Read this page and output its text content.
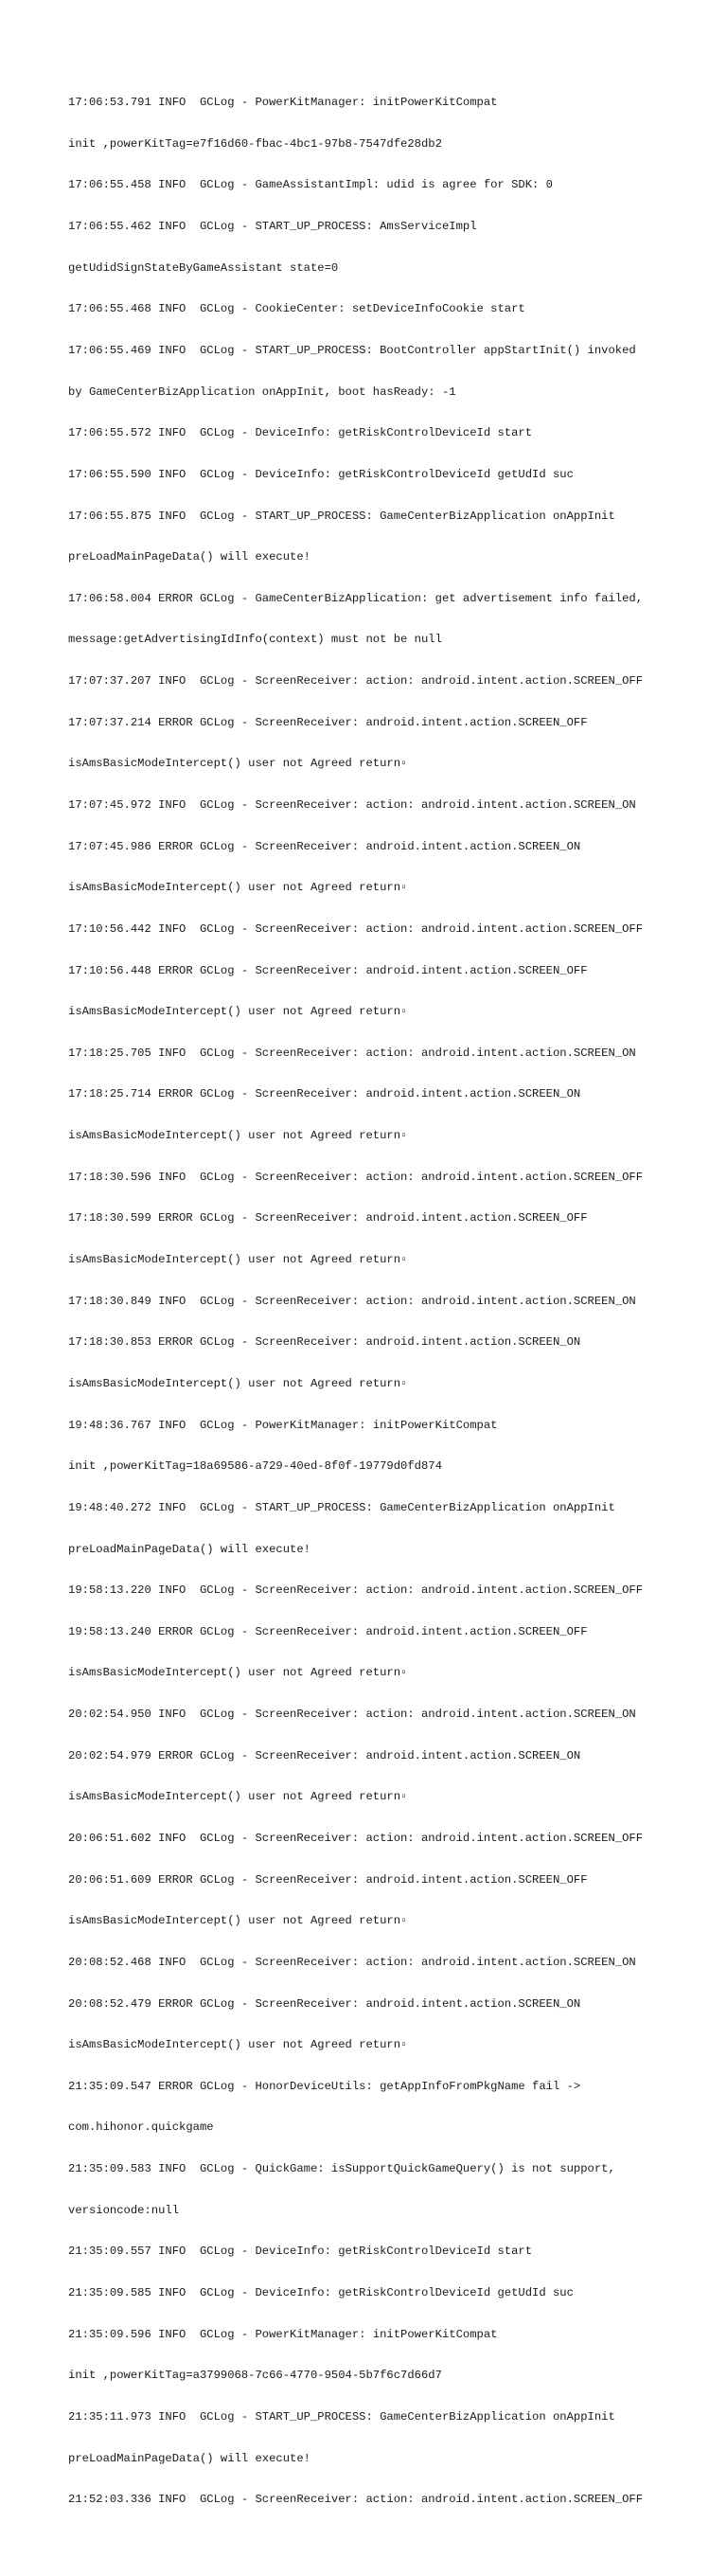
17:06:53.791 INFO  GCLog - PowerKitManager: initPowerKitCompat

init ,powerKitTag=e7f16d60-fbac-4bc1-97b8-7547dfe28db2

17:06:55.458 INFO  GCLog - GameAssistantImpl: udid is agree for SDK: 0

17:06:55.462 INFO  GCLog - START_UP_PROCESS: AmsServiceImpl

getUdidSignStateByGameAssistant state=0

17:06:55.468 INFO  GCLog - CookieCenter: setDeviceInfoCookie start

17:06:55.469 INFO  GCLog - START_UP_PROCESS: BootController appStartInit() invoked

by GameCenterBizApplication onAppInit, boot hasReady: -1

17:06:55.572 INFO  GCLog - DeviceInfo: getRiskControlDeviceId start

17:06:55.590 INFO  GCLog - DeviceInfo: getRiskControlDeviceId getUdId suc

17:06:55.875 INFO  GCLog - START_UP_PROCESS: GameCenterBizApplication onAppInit

preLoadMainPageData() will execute!

17:06:58.004 ERROR GCLog - GameCenterBizApplication: get advertisement info failed,

message:getAdvertisingIdInfo(context) must not be null

17:07:37.207 INFO  GCLog - ScreenReceiver: action: android.intent.action.SCREEN_OFF

17:07:37.214 ERROR GCLog - ScreenReceiver: android.intent.action.SCREEN_OFF

isAmsBasicModeIntercept() user not Agreed return▫

17:07:45.972 INFO  GCLog - ScreenReceiver: action: android.intent.action.SCREEN_ON

17:07:45.986 ERROR GCLog - ScreenReceiver: android.intent.action.SCREEN_ON

isAmsBasicModeIntercept() user not Agreed return▫

17:10:56.442 INFO  GCLog - ScreenReceiver: action: android.intent.action.SCREEN_OFF

17:10:56.448 ERROR GCLog - ScreenReceiver: android.intent.action.SCREEN_OFF

isAmsBasicModeIntercept() user not Agreed return▫

17:18:25.705 INFO  GCLog - ScreenReceiver: action: android.intent.action.SCREEN_ON

17:18:25.714 ERROR GCLog - ScreenReceiver: android.intent.action.SCREEN_ON

isAmsBasicModeIntercept() user not Agreed return▫

17:18:30.596 INFO  GCLog - ScreenReceiver: action: android.intent.action.SCREEN_OFF

17:18:30.599 ERROR GCLog - ScreenReceiver: android.intent.action.SCREEN_OFF

isAmsBasicModeIntercept() user not Agreed return▫

17:18:30.849 INFO  GCLog - ScreenReceiver: action: android.intent.action.SCREEN_ON

17:18:30.853 ERROR GCLog - ScreenReceiver: android.intent.action.SCREEN_ON

isAmsBasicModeIntercept() user not Agreed return▫

19:48:36.767 INFO  GCLog - PowerKitManager: initPowerKitCompat

init ,powerKitTag=18a69586-a729-40ed-8f0f-19779d0fd874

19:48:40.272 INFO  GCLog - START_UP_PROCESS: GameCenterBizApplication onAppInit

preLoadMainPageData() will execute!

19:58:13.220 INFO  GCLog - ScreenReceiver: action: android.intent.action.SCREEN_OFF

19:58:13.240 ERROR GCLog - ScreenReceiver: android.intent.action.SCREEN_OFF

isAmsBasicModeIntercept() user not Agreed return▫

20:02:54.950 INFO  GCLog - ScreenReceiver: action: android.intent.action.SCREEN_ON

20:02:54.979 ERROR GCLog - ScreenReceiver: android.intent.action.SCREEN_ON

isAmsBasicModeIntercept() user not Agreed return▫

20:06:51.602 INFO  GCLog - ScreenReceiver: action: android.intent.action.SCREEN_OFF

20:06:51.609 ERROR GCLog - ScreenReceiver: android.intent.action.SCREEN_OFF

isAmsBasicModeIntercept() user not Agreed return▫

20:08:52.468 INFO  GCLog - ScreenReceiver: action: android.intent.action.SCREEN_ON

20:08:52.479 ERROR GCLog - ScreenReceiver: android.intent.action.SCREEN_ON

isAmsBasicModeIntercept() user not Agreed return▫

21:35:09.547 ERROR GCLog - HonorDeviceUtils: getAppInfoFromPkgName fail ->

com.hihonor.quickgame

21:35:09.583 INFO  GCLog - QuickGame: isSupportQuickGameQuery() is not support,

versioncode:null

21:35:09.557 INFO  GCLog - DeviceInfo: getRiskControlDeviceId start

21:35:09.585 INFO  GCLog - DeviceInfo: getRiskControlDeviceId getUdId suc

21:35:09.596 INFO  GCLog - PowerKitManager: initPowerKitCompat

init ,powerKitTag=a3799068-7c66-4770-9504-5b7f6c7d66d7

21:35:11.973 INFO  GCLog - START_UP_PROCESS: GameCenterBizApplication onAppInit

preLoadMainPageData() will execute!

21:52:03.336 INFO  GCLog - ScreenReceiver: action: android.intent.action.SCREEN_OFF
